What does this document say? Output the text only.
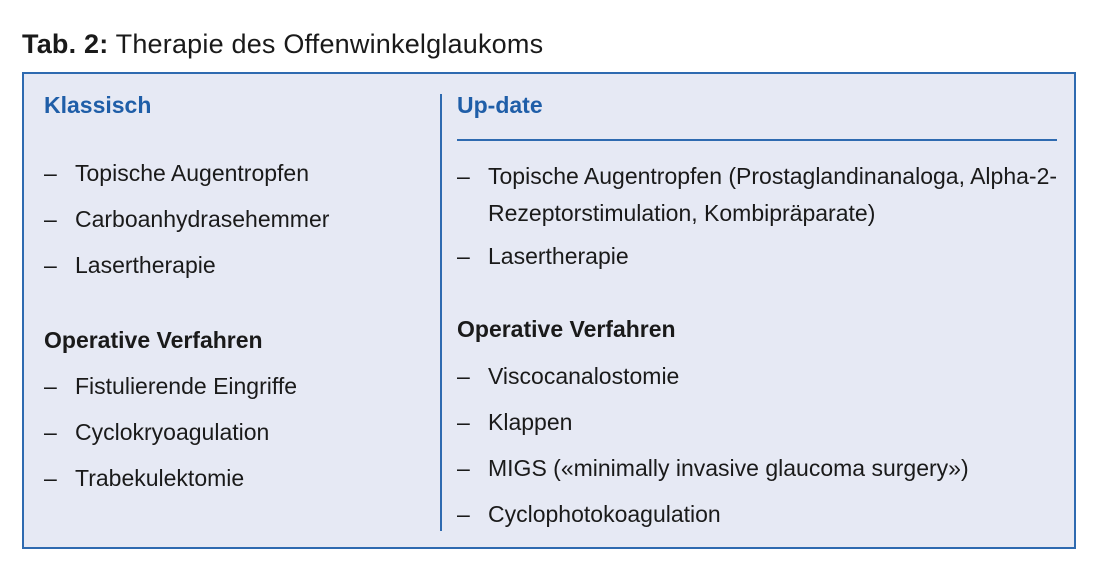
Tab. 2: Therapie des Offenwinkelglaukoms
Klassisch
– Topische Augentropfen
– Carboanhydrasehemmer
– Lasertherapie
Operative Verfahren
– Fistulierende Eingriffe
– Cyclokryoagulation
– Trabekulektomie
Up-date
– Topische Augentropfen (Prostaglandinanaloga, Alpha-2-Rezeptorstimulation, Kombipräparate)
– Lasertherapie
Operative Verfahren
– Viscocanalostomie
– Klappen
– MIGS («minimally invasive glaucoma surgery»)
– Cyclophotokoagulation
